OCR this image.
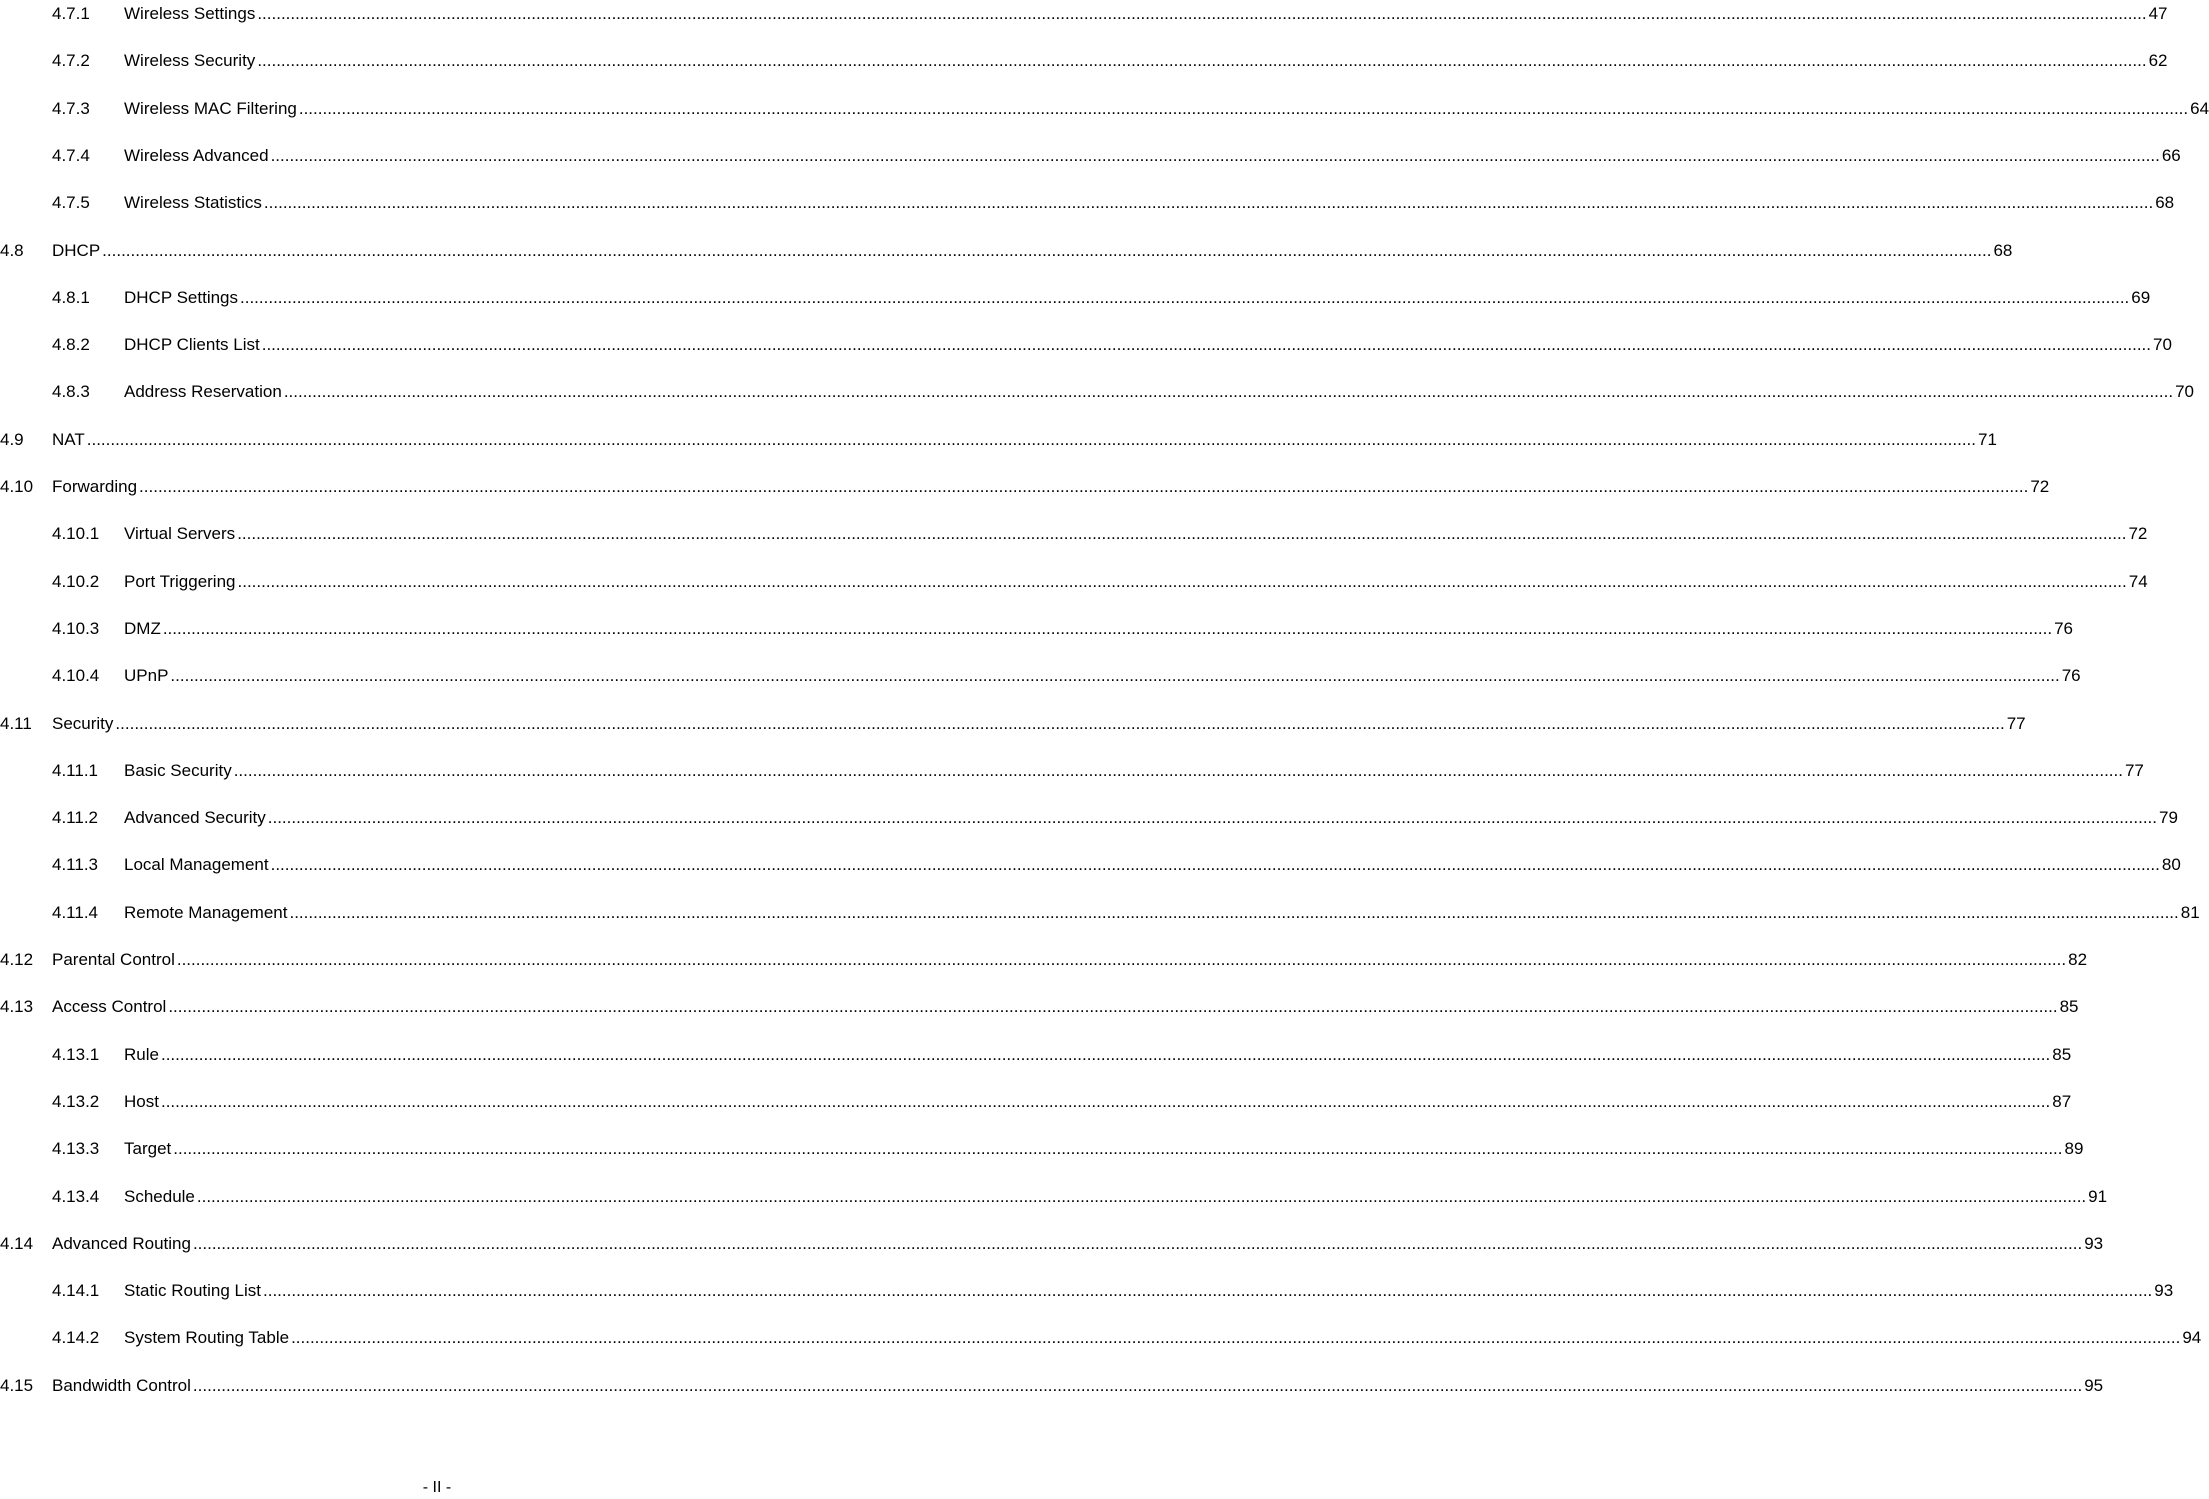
4.7.1	Wireless Settings ................................................................................................................................................................................................................................................................................................................................................................................................................ 47
4.7.2	Wireless Security ................................................................................................................................................................................................................................................................................................................................................................................................................ 62
4.7.3	Wireless MAC Filtering ................................................................................................................................................................................................................................................................................................................................................................................................................ 64
4.7.4	Wireless Advanced ................................................................................................................................................................................................................................................................................................................................................................................................................ 66
4.7.5	Wireless Statistics ................................................................................................................................................................................................................................................................................................................................................................................................................ 68
4.8	DHCP ................................................................................................................................................................................................................................................................................................................................................................................................................ 68
4.8.1	DHCP Settings ................................................................................................................................................................................................................................................................................................................................................................................................................ 69
4.8.2	DHCP Clients List ................................................................................................................................................................................................................................................................................................................................................................................................................ 70
4.8.3	Address Reservation ................................................................................................................................................................................................................................................................................................................................................................................................................ 70
4.9	NAT ................................................................................................................................................................................................................................................................................................................................................................................................................ 71
4.10	Forwarding ................................................................................................................................................................................................................................................................................................................................................................................................................ 72
4.10.1	Virtual Servers ................................................................................................................................................................................................................................................................................................................................................................................................................ 72
4.10.2	Port Triggering ................................................................................................................................................................................................................................................................................................................................................................................................................ 74
4.10.3	DMZ ................................................................................................................................................................................................................................................................................................................................................................................................................ 76
4.10.4	UPnP ................................................................................................................................................................................................................................................................................................................................................................................................................ 76
4.11	Security ................................................................................................................................................................................................................................................................................................................................................................................................................ 77
4.11.1	Basic Security ................................................................................................................................................................................................................................................................................................................................................................................................................ 77
4.11.2	Advanced Security ................................................................................................................................................................................................................................................................................................................................................................................................................ 79
4.11.3	Local Management ................................................................................................................................................................................................................................................................................................................................................................................................................ 80
4.11.4	Remote Management ................................................................................................................................................................................................................................................................................................................................................................................................................ 81
4.12	Parental Control ................................................................................................................................................................................................................................................................................................................................................................................................................ 82
4.13	Access Control ................................................................................................................................................................................................................................................................................................................................................................................................................ 85
4.13.1	Rule ................................................................................................................................................................................................................................................................................................................................................................................................................ 85
4.13.2	Host ................................................................................................................................................................................................................................................................................................................................................................................................................ 87
4.13.3	Target ................................................................................................................................................................................................................................................................................................................................................................................................................ 89
4.13.4	Schedule ................................................................................................................................................................................................................................................................................................................................................................................................................ 91
4.14	Advanced Routing ................................................................................................................................................................................................................................................................................................................................................................................................................ 93
4.14.1	Static Routing List ................................................................................................................................................................................................................................................................................................................................................................................................................ 93
4.14.2	System Routing Table ................................................................................................................................................................................................................................................................................................................................................................................................................ 94
4.15	Bandwidth Control ................................................................................................................................................................................................................................................................................................................................................................................................................ 95
- II -
